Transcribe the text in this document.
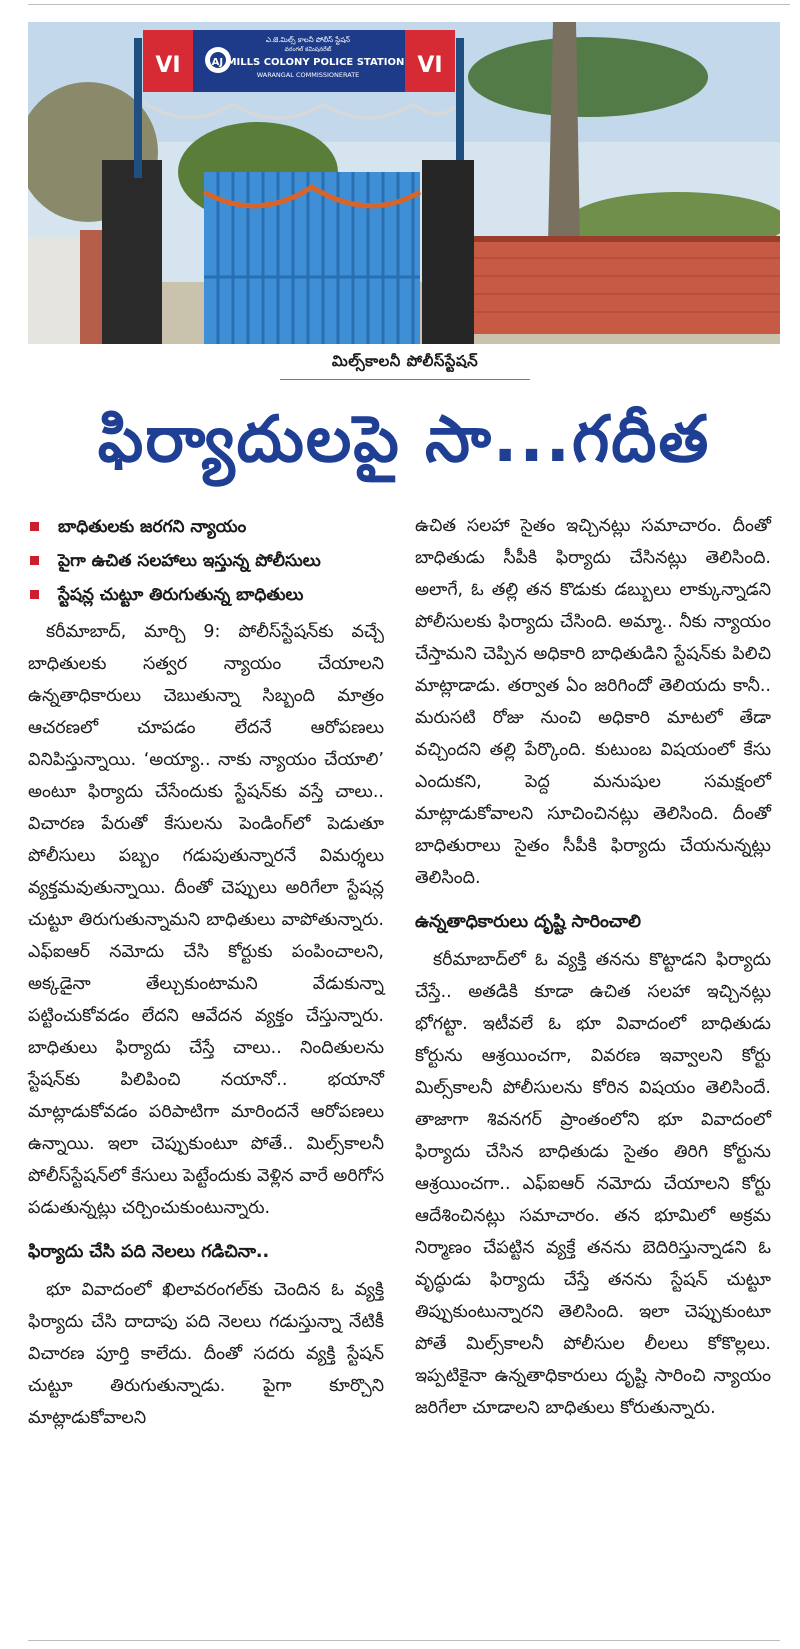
VI	VI
ఎ.జె.మిల్స్ కాలనీ పోలీస్ స్టేషన్
వరంగల్ కమిషనరేట్
AJ MILLS COLONY POLICE STATION
WARANGAL COMMISSIONERATE
మిల్స్‌కాలనీ పోలీస్‌స్టేషన్
ఫిర్యాదులపై సా...గదీత
బాధితులకు జరగని న్యాయం
పైగా ఉచిత సలహాలు ఇస్తున్న పోలీసులు
స్టేషన్ల చుట్టూ తిరుగుతున్న బాధితులు

కరీమాబాద్, మార్చి 9: పోలీస్‌స్టేషన్‌కు వచ్చే బాధితులకు సత్వర న్యాయం చేయాలని ఉన్నతాధికారులు చెబుతున్నా సిబ్బంది మాత్రం ఆచరణలో చూపడం లేదనే ఆరోపణలు వినిపిస్తున్నాయి. ‘అయ్యా.. నాకు న్యాయం చేయాలి’ అంటూ ఫిర్యాదు చేసేందుకు స్టేషన్‌కు వస్తే చాలు.. విచారణ పేరుతో కేసులను పెండింగ్‌లో పెడుతూ పోలీసులు పబ్బం గడుపుతున్నారనే విమర్శలు వ్యక్తమవుతున్నాయి. దీంతో చెప్పులు అరిగేలా స్టేషన్ల చుట్టూ తిరుగుతున్నామని బాధితులు వాపోతున్నారు. ఎఫ్‌ఐఆర్ నమోదు చేసి కోర్టుకు పంపించాలని, అక్కడైనా తేల్చుకుంటామని వేడుకున్నా పట్టించుకోవడం లేదని ఆవేదన వ్యక్తం చేస్తున్నారు. బాధితులు ఫిర్యాదు చేస్తే చాలు.. నిందితులను స్టేషన్‌కు పిలిపించి నయానో.. భయానో మాట్లాడుకోవడం పరిపాటిగా మారిందనే ఆరోపణలు ఉన్నాయి. ఇలా చెప్పుకుంటూ పోతే.. మిల్స్‌కాలనీ పోలీస్‌స్టేషన్‌లో కేసులు పెట్టేందుకు వెళ్లిన వారే అరిగోస పడుతున్నట్లు చర్చించుకుంటున్నారు.

ఫిర్యాదు చేసి పది నెలలు గడిచినా..

భూ వివాదంలో ఖిలావరంగల్‌కు చెందిన ఓ వ్యక్తి ఫిర్యాదు చేసి దాదాపు పది నెలలు గడుస్తున్నా నేటికీ విచారణ పూర్తి కాలేదు. దీంతో సదరు వ్యక్తి స్టేషన్ చుట్టూ తిరుగుతున్నాడు. పైగా కూర్చొని మాట్లాడుకోవాలని

ఉచిత సలహా సైతం ఇచ్చినట్లు సమాచారం. దీంతో బాధితుడు సీపీకి ఫిర్యాదు చేసినట్లు తెలిసింది. అలాగే, ఓ తల్లి తన కొడుకు డబ్బులు లాక్కున్నాడని పోలీసులకు ఫిర్యాదు చేసింది. అమ్మా.. నీకు న్యాయం చేస్తామని చెప్పిన అధికారి బాధితుడిని స్టేషన్‌కు పిలిచి మాట్లాడాడు. తర్వాత ఏం జరిగిందో తెలియదు కానీ.. మరుసటి రోజు నుంచి అధికారి మాటలో తేడా వచ్చిందని తల్లి పేర్కొంది. కుటుంబ విషయంలో కేసు ఎందుకని, పెద్ద మనుషుల సమక్షంలో మాట్లాడుకోవాలని సూచించినట్లు తెలిసింది. దీంతో బాధితురాలు సైతం సీపీకి ఫిర్యాదు చేయనున్నట్లు తెలిసింది.

ఉన్నతాధికారులు దృష్టి సారించాలి

కరీమాబాద్‌లో ఓ వ్యక్తి తనను కొట్టాడని ఫిర్యాదు చేస్తే.. అతడికి కూడా ఉచిత సలహా ఇచ్చినట్లు భోగట్టా. ఇటీవలే ఓ భూ వివాదంలో బాధితుడు కోర్టును ఆశ్రయించగా, వివరణ ఇవ్వాలని కోర్టు మిల్స్‌కాలనీ పోలీసులను కోరిన విషయం తెలిసిందే. తాజాగా శివనగర్ ప్రాంతంలోని భూ వివాదంలో ఫిర్యాదు చేసిన బాధితుడు సైతం తిరిగి కోర్టును ఆశ్రయించగా.. ఎఫ్‌ఐఆర్ నమోదు చేయాలని కోర్టు ఆదేశించినట్లు సమాచారం. తన భూమిలో అక్రమ నిర్మాణం చేపట్టిన వ్యక్తే తనను బెదిరిస్తున్నాడని ఓ వృద్ధుడు ఫిర్యాదు చేస్తే తనను స్టేషన్ చుట్టూ తిప్పుకుంటున్నారని తెలిసింది. ఇలా చెప్పుకుంటూ పోతే మిల్స్‌కాలనీ పోలీసుల లీలలు కోకొల్లలు. ఇప్పటికైనా ఉన్నతాధికారులు దృష్టి సారించి న్యాయం జరిగేలా చూడాలని బాధితులు కోరుతున్నారు.
